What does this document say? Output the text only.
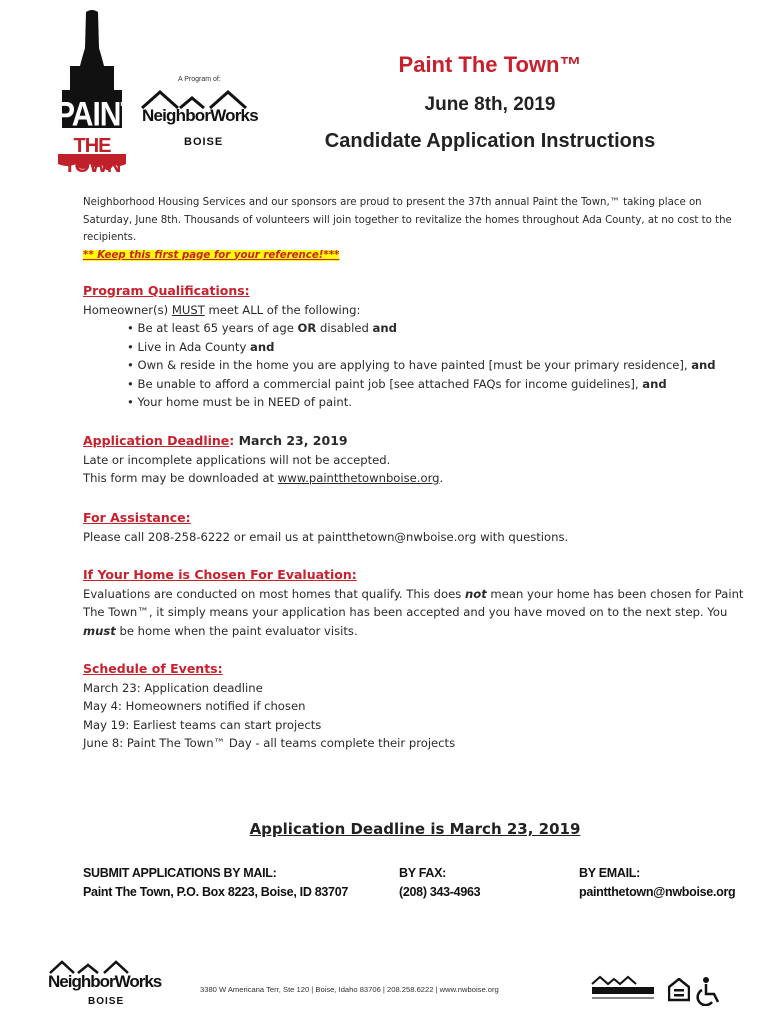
PAINT
THE TOWN
A Program of:
NeighborWorks
BOISE
Paint The Town™
June 8th, 2019
Candidate Application Instructions
Neighborhood Housing Services and our sponsors are proud to present the 37th annual Paint the Town,™ taking place on Saturday, June 8th. Thousands of volunteers will join together to revitalize the homes throughout Ada County, at no cost to the recipients.
** Keep this first page for your reference!***
Program Qualifications:
Homeowner(s) MUST meet ALL of the following:
• Be at least 65 years of age OR disabled and
• Live in Ada County and
• Own & reside in the home you are applying to have painted [must be your primary residence], and
• Be unable to afford a commercial paint job [see attached FAQs for income guidelines], and
• Your home must be in NEED of paint.
Application Deadline: March 23, 2019
Late or incomplete applications will not be accepted.
This form may be downloaded at www.paintthetownboise.org.
For Assistance:
Please call 208-258-6222 or email us at paintthetown@nwboise.org with questions.
If Your Home is Chosen For Evaluation:
Evaluations are conducted on most homes that qualify. This does not mean your home has been chosen for Paint The Town™, it simply means your application has been accepted and you have moved on to the next step. You must be home when the paint evaluator visits.
Schedule of Events:
March 23: Application deadline
May 4: Homeowners notified if chosen
May 19: Earliest teams can start projects
June 8: Paint The Town™ Day - all teams complete their projects
Application Deadline is March 23, 2019
SUBMIT APPLICATIONS BY MAIL:
Paint The Town, P.O. Box 8223, Boise, ID 83707
BY FAX:
(208) 343-4963
BY EMAIL:
paintthetown@nwboise.org
NeighborWorks
BOISE
3380 W Americana Terr, Ste 120 | Boise, Idaho 83706 | 208.258.6222 | www.nwboise.org
